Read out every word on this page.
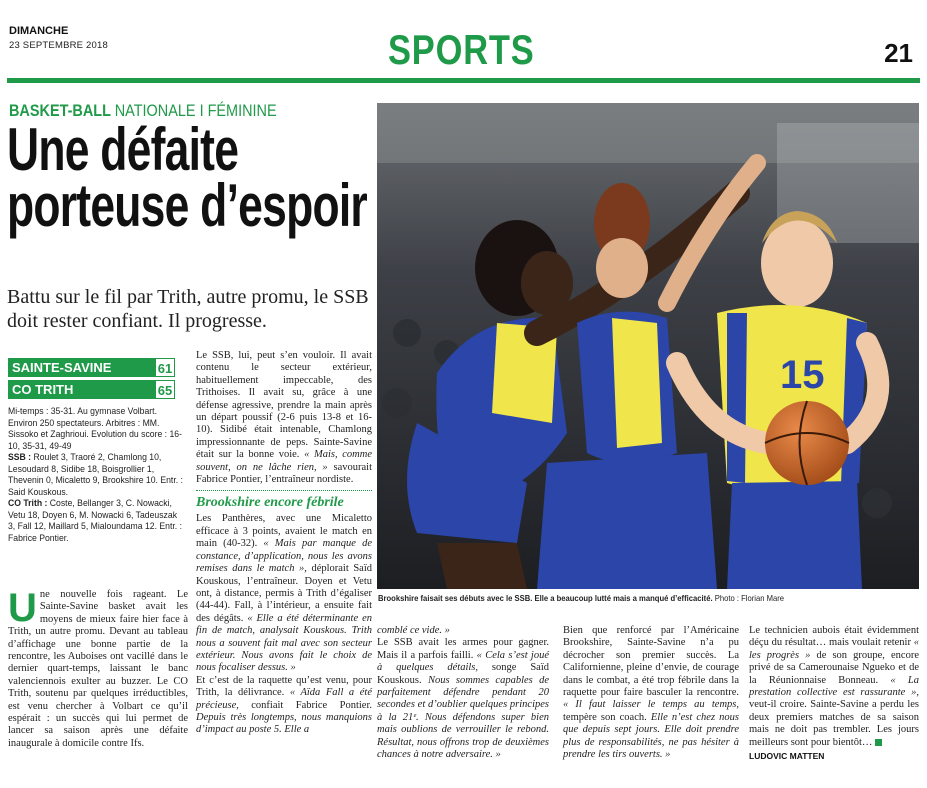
DIMANCHE
23 SEPTEMBRE 2018	SPORTS	21
BASKET-BALL NATIONALE I FÉMININE
Une défaite
porteuse d’espoir
Battu sur le fil par Trith, autre promu, le SSB doit rester confiant. Il progresse.
SAINTE-SAVINE	61
CO TRITH	65

Mi-temps : 35-31. Au gymnase Volbart. Environ 250 spectateurs. Arbitres : MM. Sissoko et Zaghrioui. Evolution du score : 16-10, 35-31, 49-49

SSB : Roulet 3, Traoré 2, Chamlong 10, Lesoudard 8, Sidibe 18, Boisgrollier 1, Thevenin 0, Micaletto 9, Brookshire 10. Entr. : Said Kouskous.

CO Trith : Coste, Bellanger 3, C. Nowacki, Vetu 18, Doyen 6, M. Nowacki 6, Tadeuszak 3, Fall 12, Maillard 5, Mialoundama 12. Entr. : Fabrice Pontier.

15
Brookshire faisait ses débuts avec le SSB. Elle a beaucoup lutté mais a manqué d’efficacité. Photo : Florian Mare
Une nouvelle fois rageant. Le Sainte-Savine basket avait les moyens de mieux faire hier face à Trith, un autre promu. Devant au tableau d’affichage une bonne partie de la rencontre, les Auboises ont vacillé dans le dernier quart-temps, laissant le banc valenciennois exulter au buzzer. Le CO Trith, soutenu par quelques irréductibles, est venu chercher à Volbart ce qu’il espérait : un succès qui lui permet de lancer sa saison après une défaite inaugurale à domicile contre Ifs.

Le SSB, lui, peut s’en vouloir. Il avait contenu le secteur extérieur, habituellement impeccable, des Trithoises. Il avait su, grâce à une défense agressive, prendre la main après un départ poussif (2-6 puis 13-8 et 16-10). Sidibé était intenable, Chamlong impressionnante de peps. Sainte-Savine était sur la bonne voie. « Mais, comme souvent, on ne lâche rien, » savourait Fabrice Pontier, l’entraîneur nordiste.

Brookshire encore fébrile

Les Panthères, avec une Micaletto efficace à 3 points, avaient le match en main (40-32). « Mais par manque de constance, d’application, nous les avons remises dans le match », déplorait Saïd Kouskous, l’entraîneur. Doyen et Vetu ont, à distance, permis à Trith d’égaliser (44-44). Fall, à l’intérieur, a ensuite fait des dégâts. « Elle a été déterminante en fin de match, analysait Kouskous. Trith nous a souvent fait mal avec son secteur extérieur. Nous avons fait le choix de nous focaliser dessus. »

Et c’est de la raquette qu’est venu, pour Trith, la délivrance. « Aïda Fall a été précieuse, confiait Fabrice Pontier. Depuis très longtemps, nous manquions d’impact au poste 5. Elle a

comblé ce vide. »

Le SSB avait les armes pour gagner. Mais il a parfois failli. « Cela s’est joué à quelques détails, songe Saïd Kouskous. Nous sommes capables de parfaitement défendre pendant 20 secondes et d’oublier quelques principes à la 21ᵉ. Nous défendons super bien mais oublions de verrouiller le rebond. Résultat, nous offrons trop de deuxièmes chances à notre adversaire. »

Bien que renforcé par l’Américaine Brookshire, Sainte-Savine n’a pu décrocher son premier succès. La Californienne, pleine d’envie, de courage dans le combat, a été trop fébrile dans la raquette pour faire basculer la rencontre. « Il faut laisser le temps au temps, tempère son coach. Elle n’est chez nous que depuis sept jours. Elle doit prendre plus de responsabilités, ne pas hésiter à prendre les tirs ouverts. »

Le technicien aubois était évidemment déçu du résultat… mais voulait retenir « les progrès » de son groupe, encore privé de sa Camerounaise Ngueko et de la Réunionnaise Bonneau. « La prestation collective est rassurante », veut-il croire. Sainte-Savine a perdu les deux premiers matches de sa saison mais ne doit pas trembler. Les jours meilleurs sont pour bientôt…

LUDOVIC MATTEN
